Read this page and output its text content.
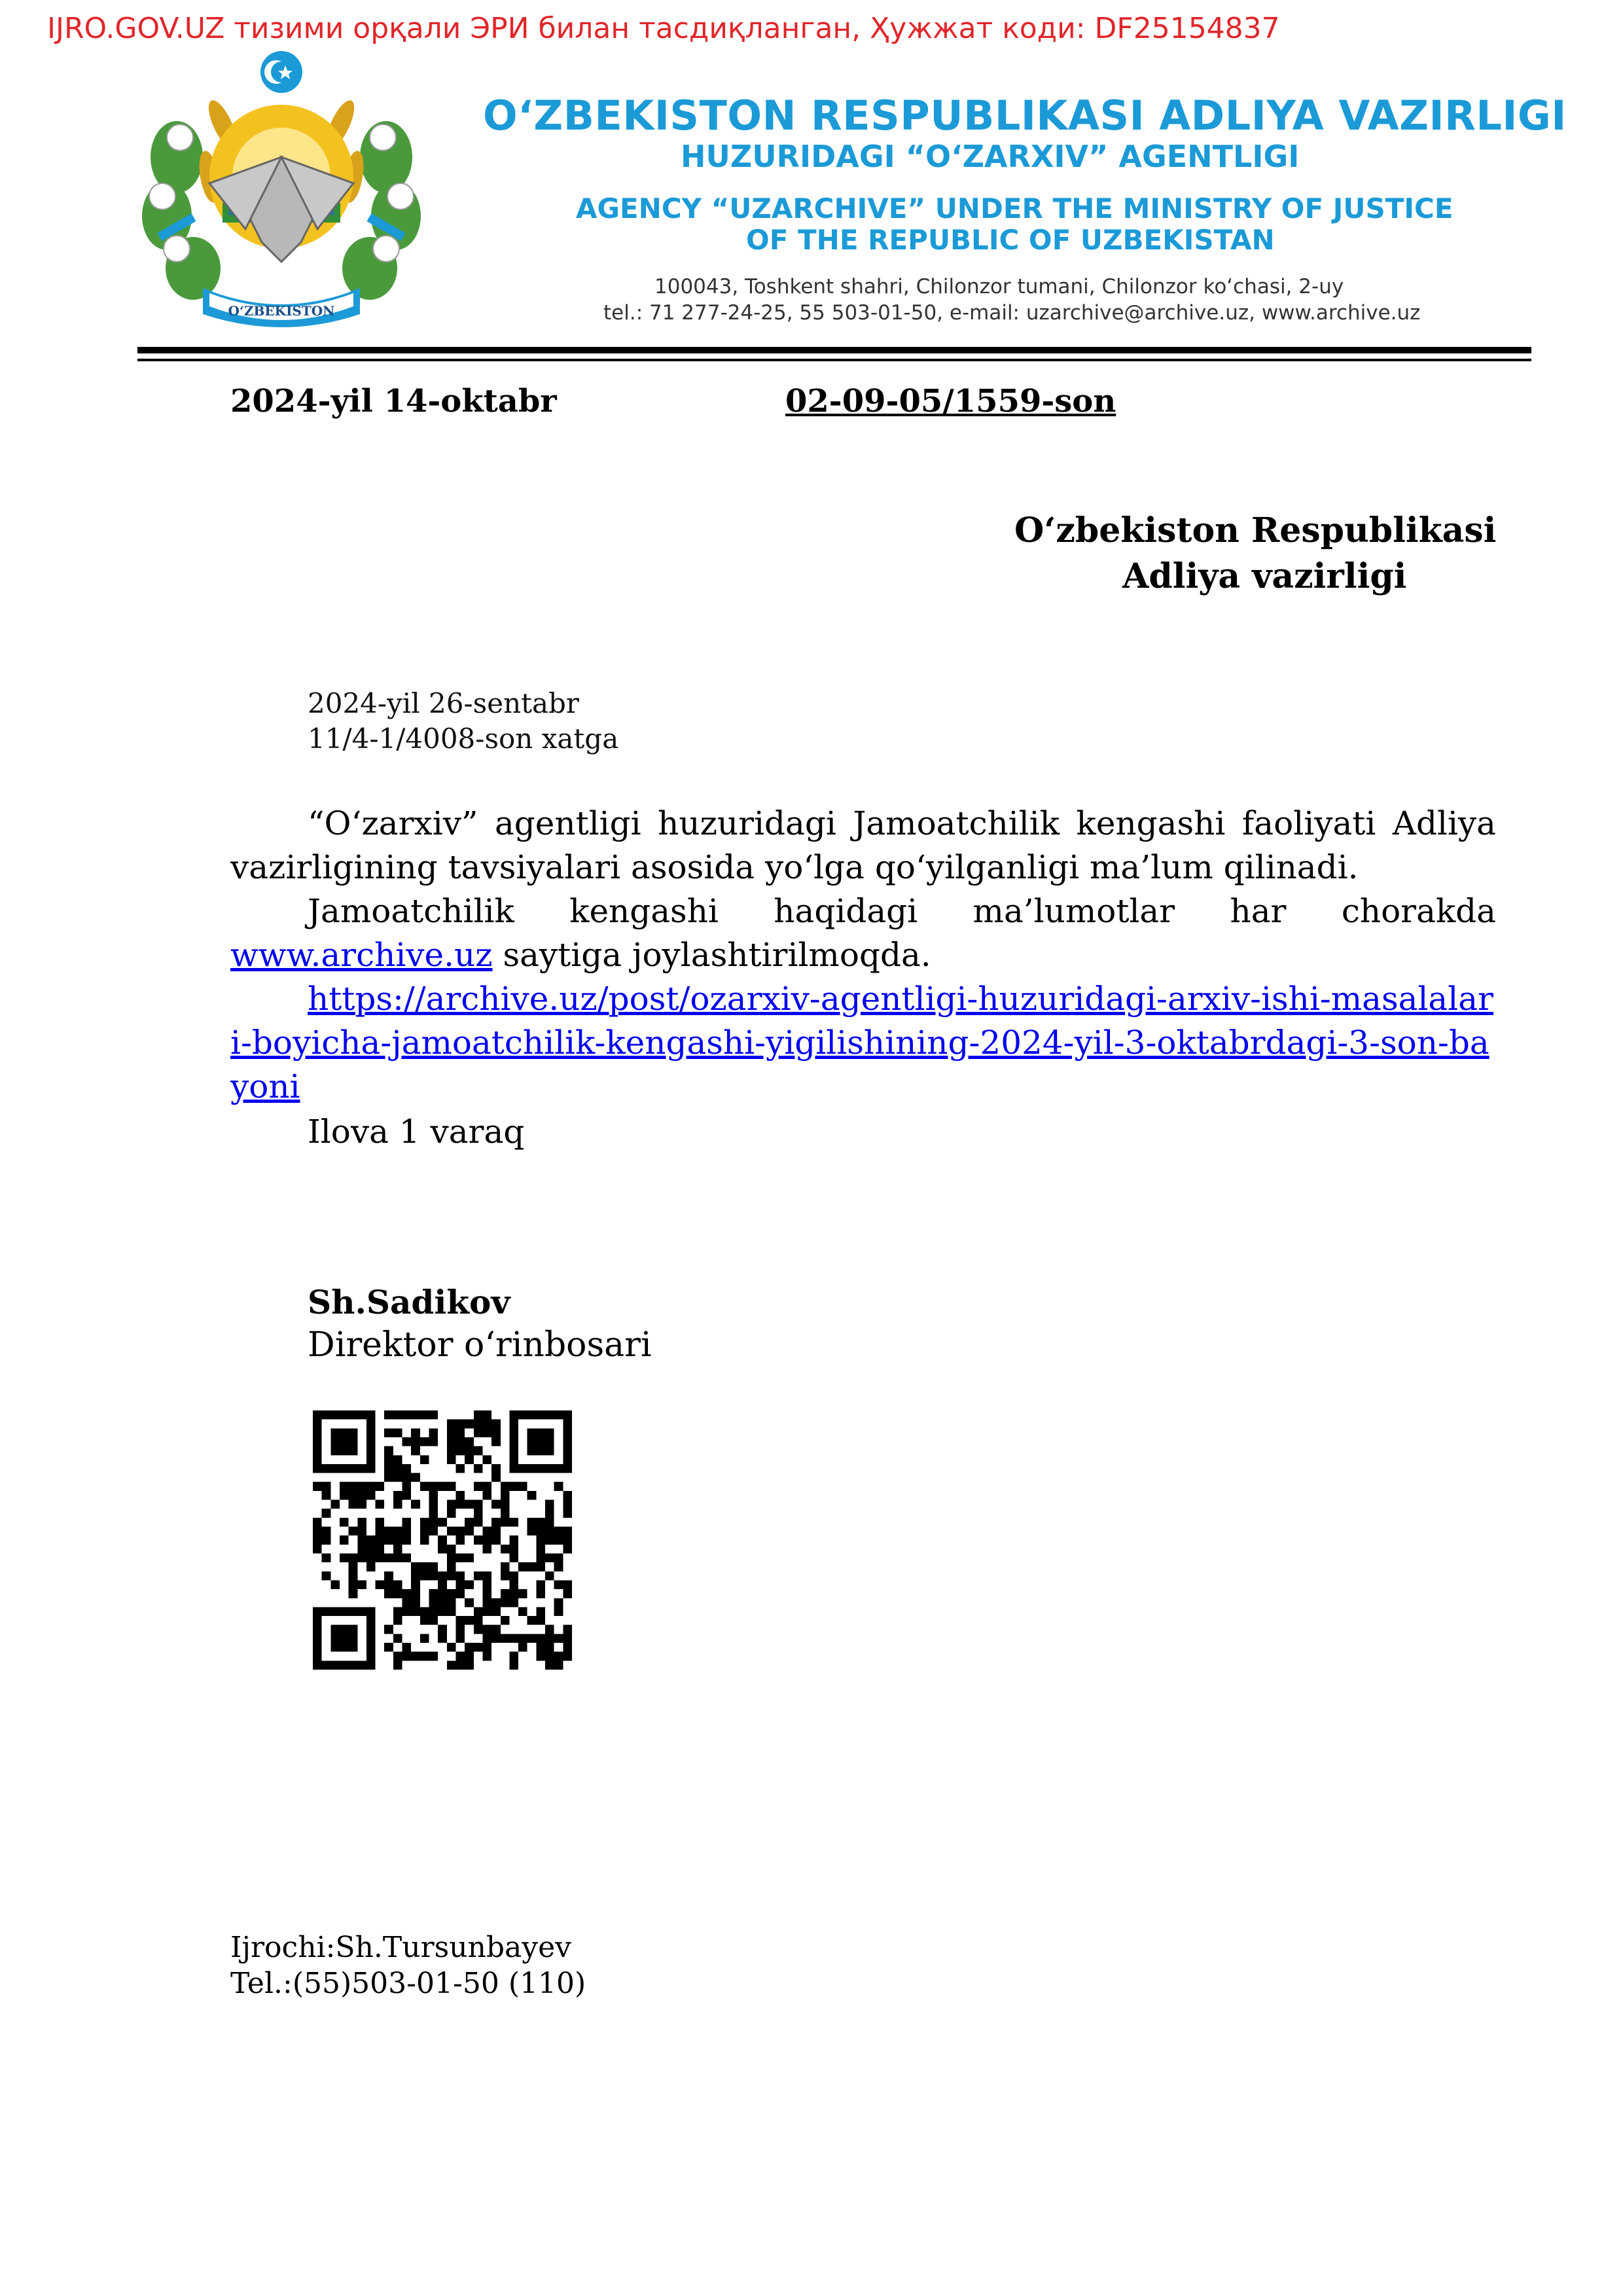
IJRO.GOV.UZ тизими орқали ЭРИ билан тасдиқланган, Ҳужжат коди: DF25154837
O‘ZBEKISTON
O‘ZBEKISTON RESPUBLIKASI ADLIYA VAZIRLIGI
HUZURIDAGI “O‘ZARXIV” AGENTLIGI
AGENCY “UZARCHIVE” UNDER THE MINISTRY OF JUSTICE
OF THE REPUBLIC OF UZBEKISTAN
100043, Toshkent shahri, Chilonzor tumani, Chilonzor ko‘chasi, 2-uy
tel.: 71 277-24-25, 55 503-01-50, e-mail: uzarchive@archive.uz, www.archive.uz
2024-yil 14-oktabr	02-09-05/1559-son
O‘zbekiston Respublikasi
Adliya vazirligi
2024-yil 26-sentabr
11/4-1/4008-son xatga

“O‘zarxiv” agentligi huzuridagi Jamoatchilik kengashi faoliyati Adliya vazirligining tavsiyalari asosida yo‘lga qo‘yilganligi ma’lum qilinadi.

Jamoatchilik kengashi haqidagi ma’lumotlar har chorakda www.archive.uz saytiga joylashtirilmoqda.

https://archive.uz/post/ozarxiv-agentligi-huzuridagi-arxiv-ishi-masalalari-boyicha-jamoatchilik-kengashi-yigilishining-2024-yil-3-oktabrdagi-3-son-bayoni

Ilova 1 varaq
Sh.Sadikov
Direktor o‘rinbosari
Ijrochi:Sh.Tursunbayev
Tel.:(55)503-01-50 (110)
